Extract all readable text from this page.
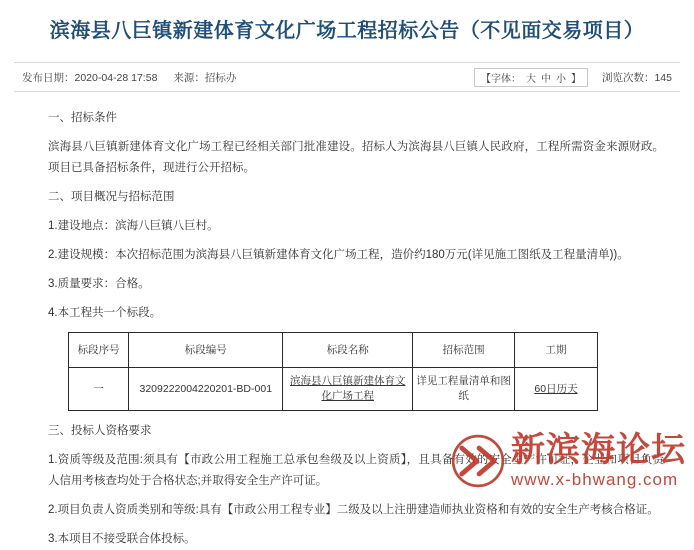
滨海县八巨镇新建体育文化广场工程招标公告（不见面交易项目）
发布日期：2020-04-28 17:58 来源：招标办	【字体： 大 中 小 】 浏览次数：145
一、招标条件

滨海县八巨镇新建体育文化广场工程已经相关部门批准建设。招标人为滨海县八巨镇人民政府，工程所需资金来源财政。项目已具备招标条件，现进行公开招标。

二、项目概况与招标范围

1.建设地点：滨海八巨镇八巨村。

2.建设规模：本次招标范围为滨海县八巨镇新建体育文化广场工程，造价约180万元(详见施工图纸及工程量清单))。

3.质量要求：合格。

4.本工程共一个标段。

标段序号	标段编号	标段名称	招标范围	工期
一	3209222004220201-BD-001	滨海县八巨镇新建体育文化广场工程	详见工程量清单和图纸	60日历天
三、投标人资格要求

1.资质等级及范围:须具有【市政公用工程施工总承包叁级及以上资质】，且具备有效的安全生产许可证，企业和项目负责人信用考核查均处于合格状态;并取得安全生产许可证。

2.项目负责人资质类别和等级:具有【市政公用工程专业】二级及以上注册建造师执业资格和有效的安全生产考核合格证。

3.本项目不接受联合体投标。

新滨海论坛
www.x-bhwang.com
